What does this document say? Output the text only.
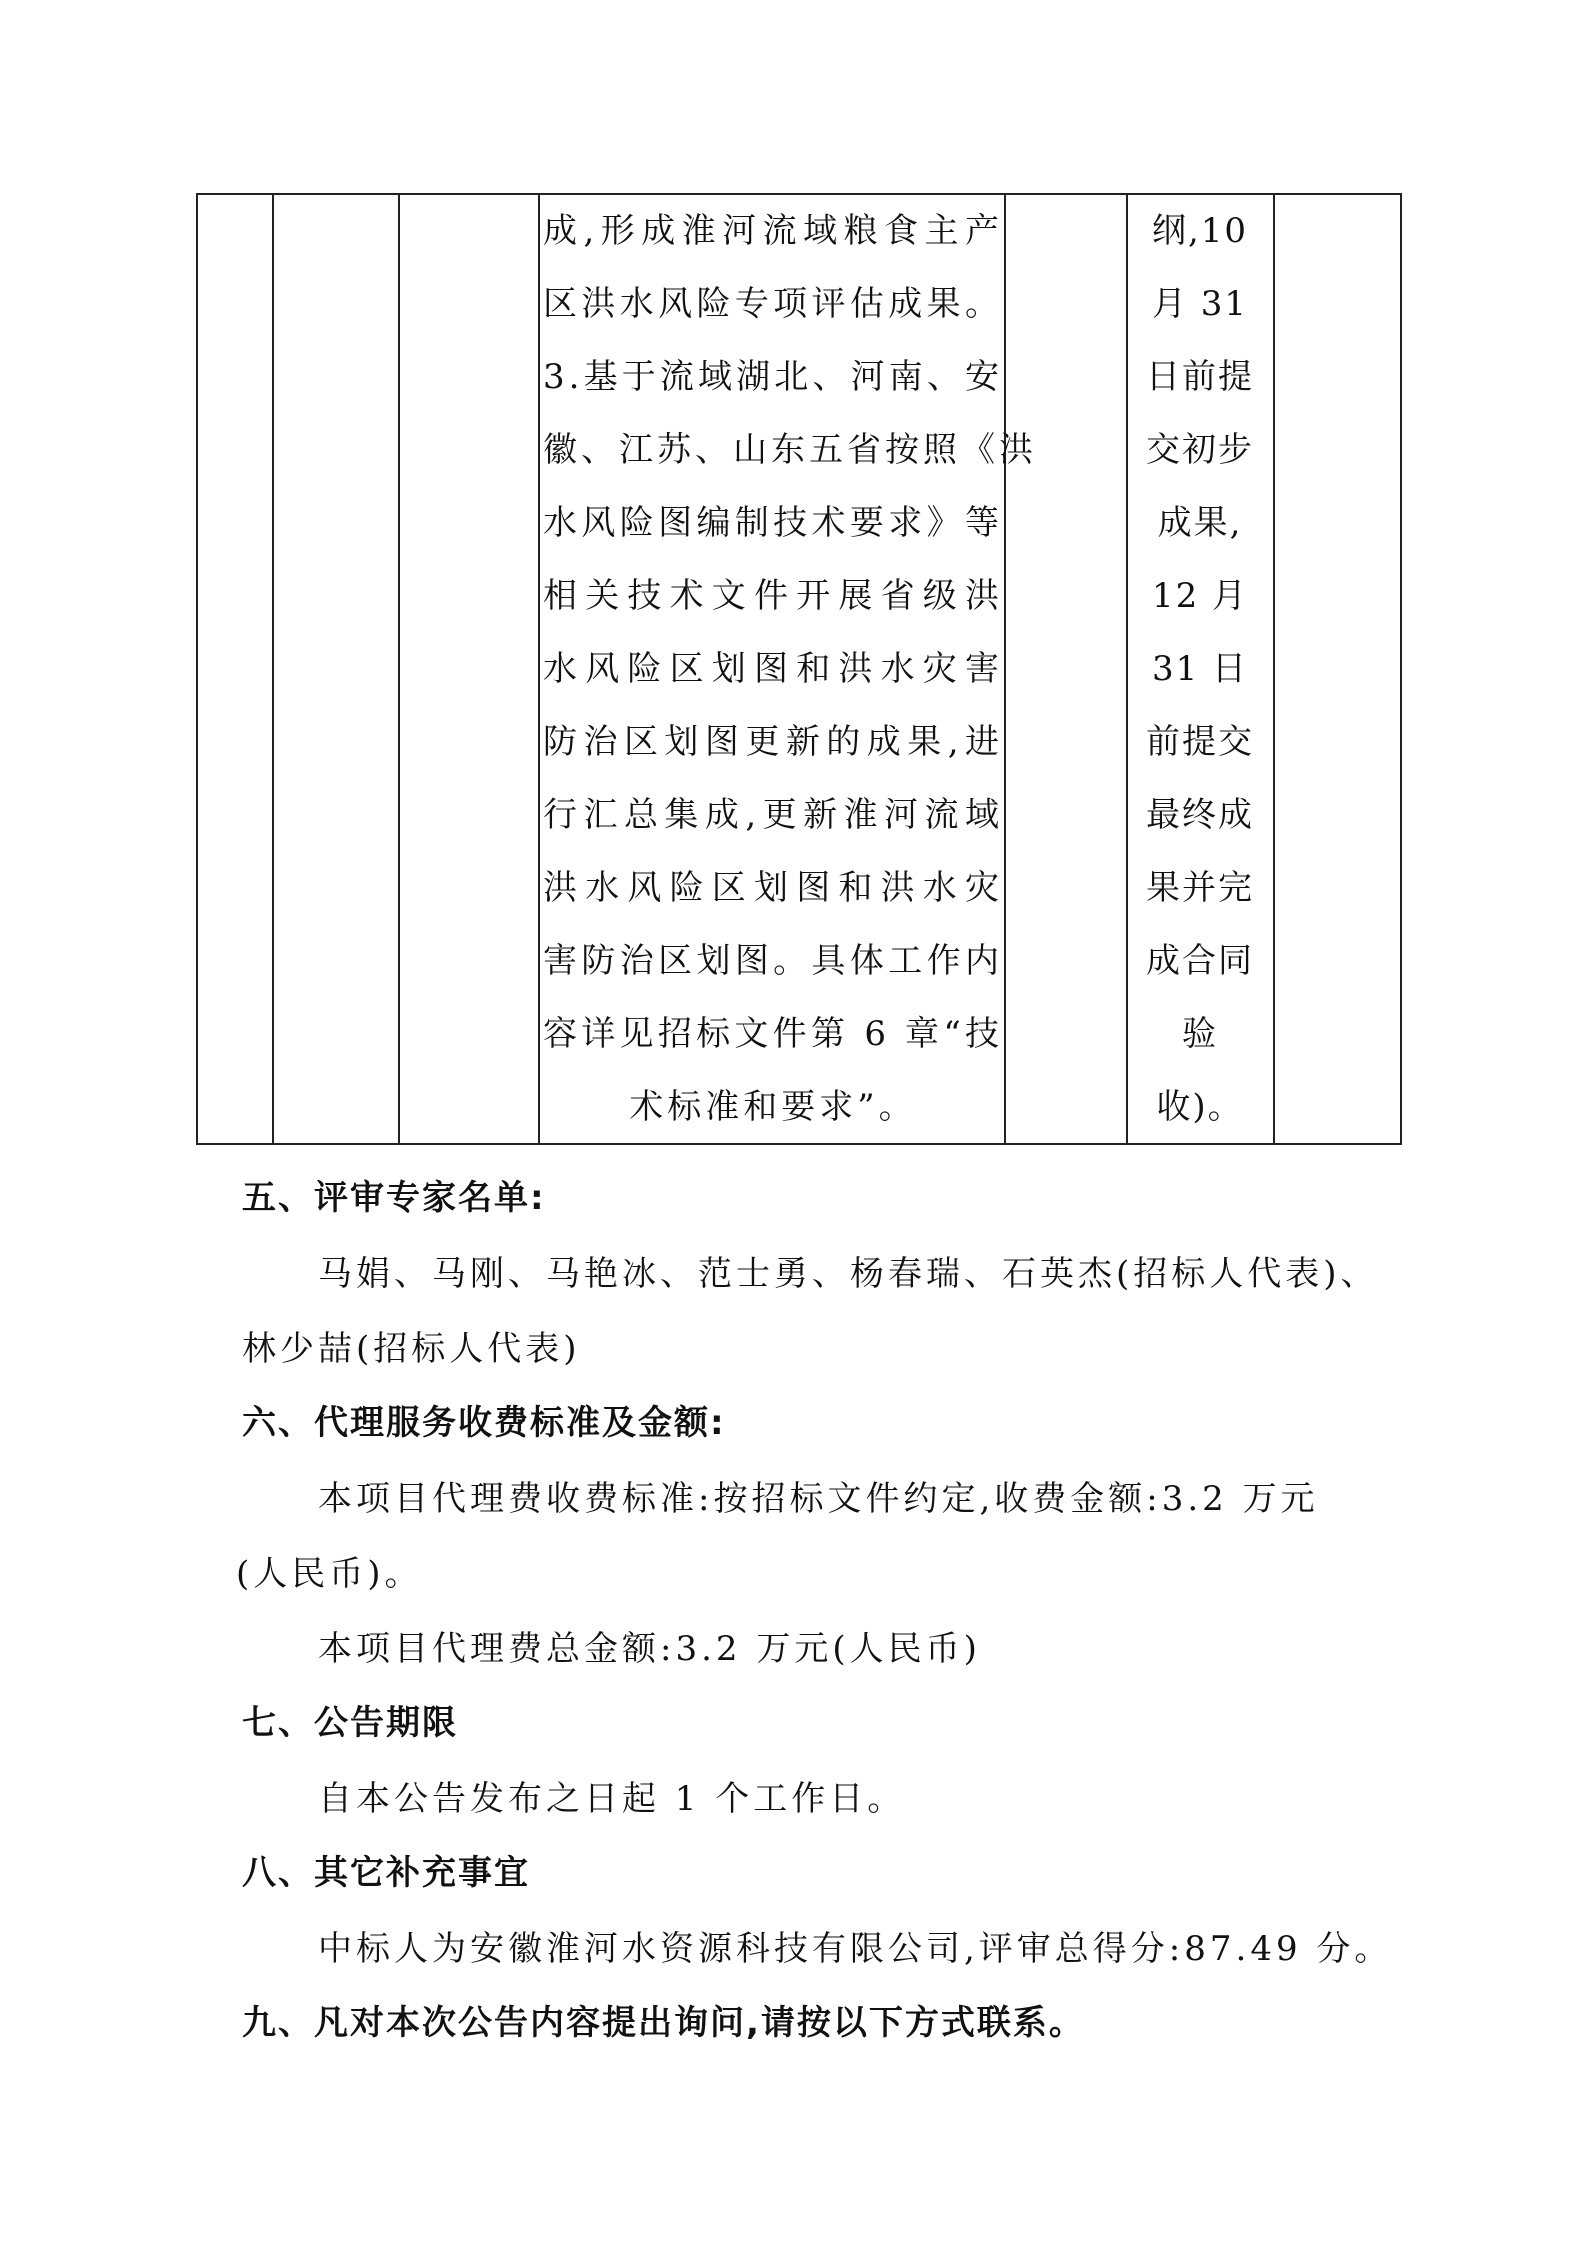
成,形成淮河流域粮食主产
区洪水风险专项评估成果。
3.基于流域湖北、河南、安
徽、江苏、山东五省按照《洪
水风险图编制技术要求》等
相关技术文件开展省级洪
水风险区划图和洪水灾害
防治区划图更新的成果,进
行汇总集成,更新淮河流域
洪水风险区划图和洪水灾
害防治区划图。具体工作内
容详见招标文件第 6 章“技
术标准和要求”。
纲,10
月 31
日前提
交初步
成果,
12 月
31 日
前提交
最终成
果并完
成合同
验
收)。
五、评审专家名单:
马娟、马刚、马艳冰、范士勇、杨春瑞、石英杰(招标人代表)、
林少喆(招标人代表)
六、代理服务收费标准及金额:
本项目代理费收费标准:按招标文件约定,收费金额:3.2 万元
(人民币)。
本项目代理费总金额:3.2 万元(人民币)
七、公告期限
自本公告发布之日起 1 个工作日。
八、其它补充事宜
中标人为安徽淮河水资源科技有限公司,评审总得分:87.49 分。
九、凡对本次公告内容提出询问,请按以下方式联系。
